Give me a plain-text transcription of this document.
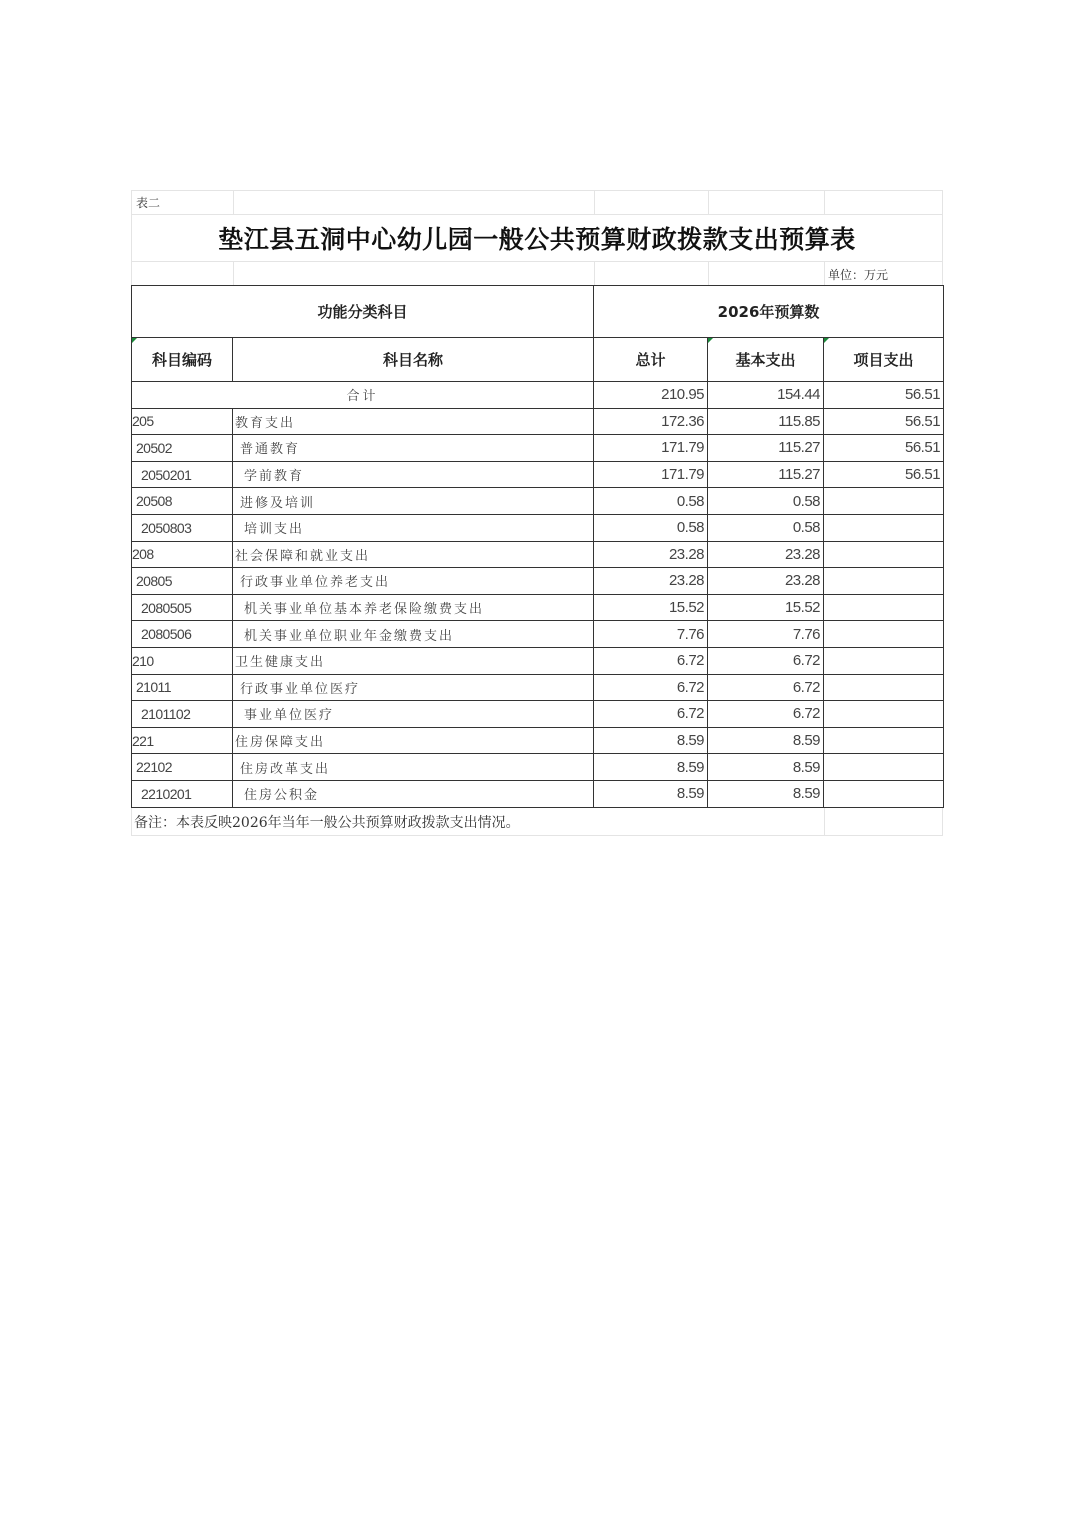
表二
垫江县五洞中心幼儿园一般公共预算财政拨款支出预算表
单位：万元
功能分类科目		2026年预算数		
科目编码	科目名称	总计	基本支出	项目支出
合计		210.95	154.44	56.51
205	教育支出	172.36	115.85	56.51
20502	普通教育	171.79	115.27	56.51
2050201	学前教育	171.79	115.27	56.51
20508	进修及培训	0.58	0.58	
2050803	培训支出	0.58	0.58	
208	社会保障和就业支出	23.28	23.28	
20805	行政事业单位养老支出	23.28	23.28	
2080505	机关事业单位基本养老保险缴费支出	15.52	15.52	
2080506	机关事业单位职业年金缴费支出	7.76	7.76	
210	卫生健康支出	6.72	6.72	
21011	行政事业单位医疗	6.72	6.72	
2101102	事业单位医疗	6.72	6.72	
221	住房保障支出	8.59	8.59	
22102	住房改革支出	8.59	8.59	
2210201	住房公积金	8.59	8.59	
备注：本表反映2026年当年一般公共预算财政拨款支出情况。
